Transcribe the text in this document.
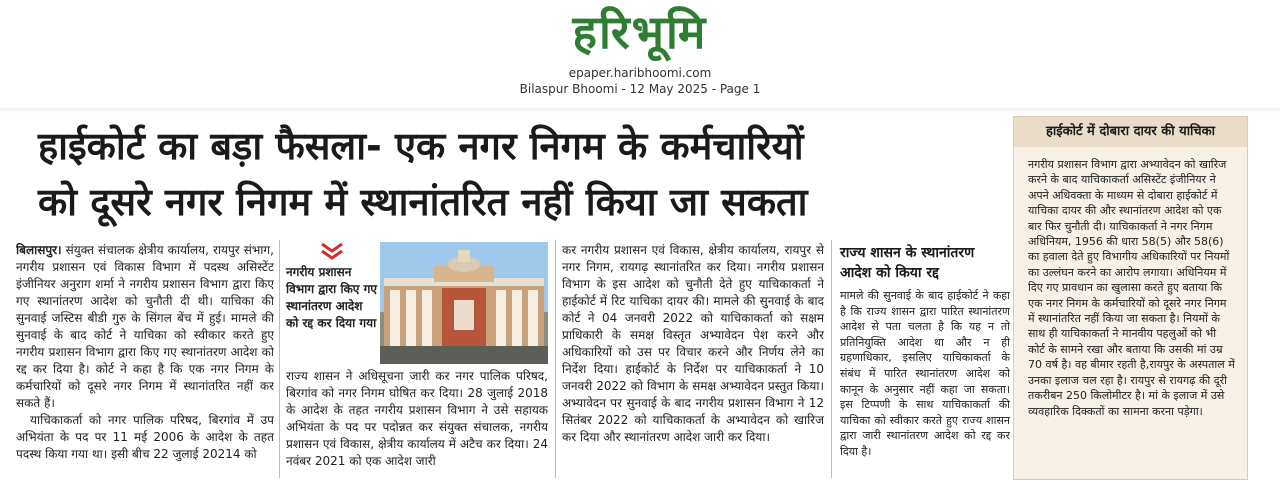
हरिभूमि
epaper.haribhoomi.com
Bilaspur Bhoomi - 12 May 2025 - Page 1
हाईकोर्ट का बड़ा फैसला- एक नगर निगम के कर्मचारियों
को दूसरे नगर निगम में स्थानांतरित नहीं किया जा सकता

बिलासपुर। संयुक्त संचालक क्षेत्रीय कार्यालय, रायपुर संभाग, नगरीय प्रशासन एवं विकास विभाग में पदस्थ असिस्टेंट इंजीनियर अनुराग शर्मा ने नगरीय प्रशासन विभाग द्वारा किए गए स्थानांतरण आदेश को चुनौती दी थी। याचिका की सुनवाई जस्टिस बीडी गुरु के सिंगल बेंच में हुई। मामले की सुनवाई के बाद कोर्ट ने याचिका को स्वीकार करते हुए नगरीय प्रशासन विभाग द्वारा किए गए स्थानांतरण आदेश को रद्द कर दिया है। कोर्ट ने कहा है कि एक नगर निगम के कर्मचारियों को दूसरे नगर निगम में स्थानांतरित नहीं कर सकते हैं।

याचिकाकर्ता को नगर पालिक परिषद, बिरगांव में उप अभियंता के पद पर 11 मई 2006 के आदेश के तहत पदस्थ किया गया था। इसी बीच 22 जुलाई 20214 को

नगरीय प्रशासन विभाग द्वारा किए गए स्थानांतरण आदेश को रद्द कर दिया गया
राज्य शासन ने अधिसूचना जारी कर नगर पालिक परिषद, बिरगांव को नगर निगम घोषित कर दिया। 28 जुलाई 2018 के आदेश के तहत नगरीय प्रशासन विभाग ने उसे सहायक अभियंता के पद पर पदोन्नत कर संयुक्त संचालक, नगरीय प्रशासन एवं विकास, क्षेत्रीय कार्यालय में अटैच कर दिया। 24 नवंबर 2021 को एक आदेश जारी
कर नगरीय प्रशासन एवं विकास, क्षेत्रीय कार्यालय, रायपुर से नगर निगम, रायगढ़ स्थानांतरित कर दिया। नगरीय प्रशासन विभाग के इस आदेश को चुनौती देते हुए याचिकाकर्ता ने हाईकोर्ट में रिट याचिका दायर की। मामले की सुनवाई के बाद कोर्ट ने 04 जनवरी 2022 को याचिकाकर्ता को सक्षम प्राधिकारी के समक्ष विस्तृत अभ्यावेदन पेश करने और अधिकारियों को उस पर विचार करने और निर्णय लेने का निर्देश दिया। हाईकोर्ट के निर्देश पर याचिकाकर्ता ने 10 जनवरी 2022 को विभाग के समक्ष अभ्यावेदन प्रस्तुत किया। अभ्यावेदन पर सुनवाई के बाद नगरीय प्रशासन विभाग ने 12 सितंबर 2022 को याचिकाकर्ता के अभ्यावेदन को खारिज कर दिया और स्थानांतरण आदेश जारी कर दिया।
राज्य शासन के स्थानांतरण आदेश को किया रद्द
मामले की सुनवाई के बाद हाईकोर्ट ने कहा है कि राज्य शासन द्वारा पारित स्थानांतरण आदेश से पता चलता है कि यह न तो प्रतिनियुक्ति आदेश था और न ही ग्रहणाधिकार, इसलिए याचिकाकर्ता के संबंध में पारित स्थानांतरण आदेश को कानून के अनुसार नहीं कहा जा सकता। इस टिप्पणी के साथ याचिकाकर्ता की याचिका को स्वीकार करते हुए राज्य शासन द्वारा जारी स्थानांतरण आदेश को रद्द कर दिया है।
हाईकोर्ट में दोबारा दायर की याचिका
नगरीय प्रशासन विभाग द्वारा अभ्यावेदन को खारिज करने के बाद याचिकाकर्ता असिस्टेंट इंजीनियर ने अपने अधिवक्ता के माध्यम से दोबारा हाईकोर्ट में याचिका दायर की और स्थानांतरण आदेश को एक बार फिर चुनौती दी। याचिकाकर्ता ने नगर निगम अधिनियम, 1956 की धारा 58(5) और 58(6) का हवाला देते हुए विभागीय अधिकारियों पर नियमों का उल्लंघन करने का आरोप लगाया। अधिनियम में दिए गए प्रावधान का खुलासा करते हुए बताया कि एक नगर निगम के कर्मचारियों को दूसरे नगर निगम में स्थानांतरित नहीं किया जा सकता है। नियमों के साथ ही याचिकाकर्ता ने मानवीय पहलुओं को भी कोर्ट के सामने रखा और बताया कि उसकी मां उम्र 70 वर्ष है। वह बीमार रहती है,रायपुर के अस्पताल में उनका इलाज चल रहा है। रायपुर से रायगढ़ की दूरी तकरीबन 250 किलोमीटर है। मां के इलाज में उसे व्यवहारिक दिक्कतों का सामना करना पड़ेगा।
